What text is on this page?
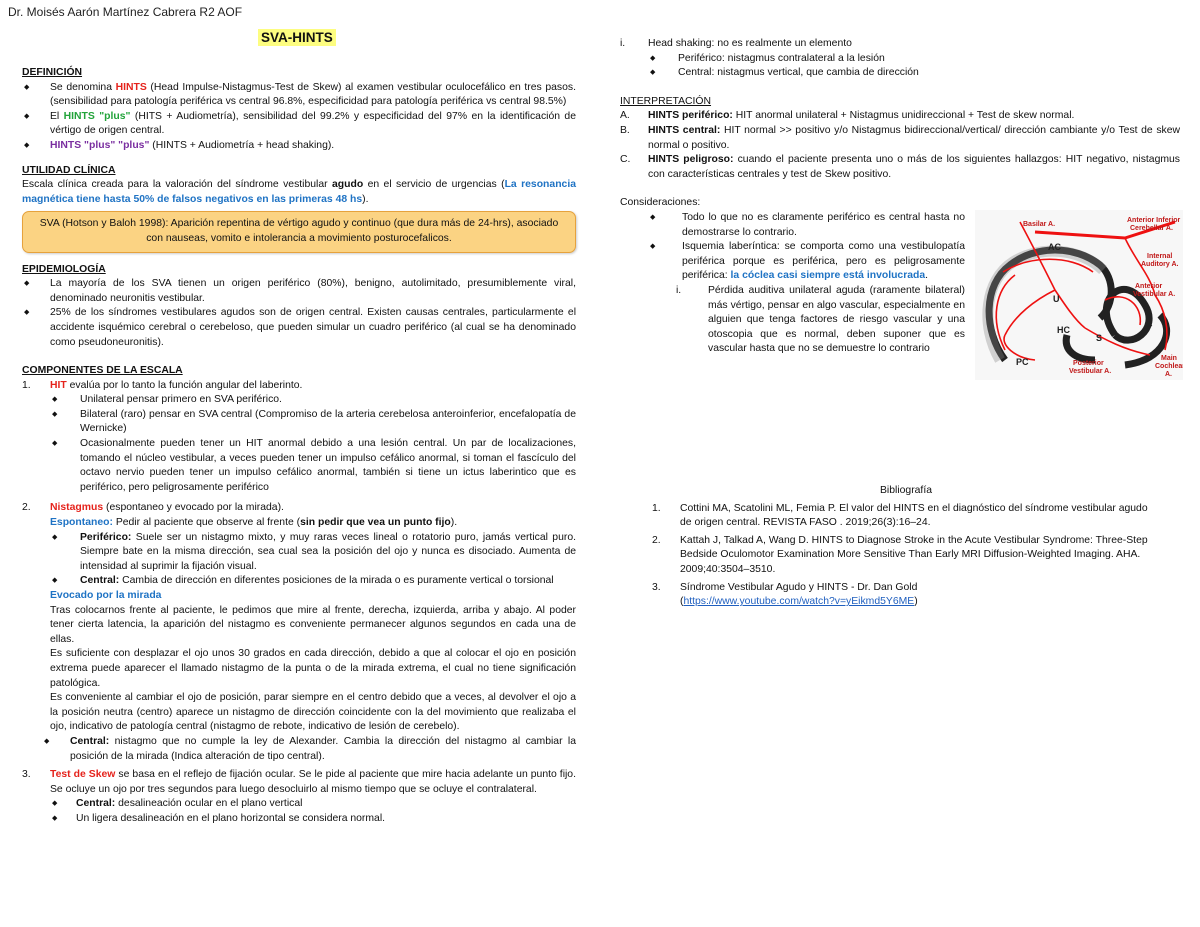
Dr. Moisés Aarón Martínez Cabrera R2 AOF
SVA-HINTS

DEFINICIÓN

◆ Se denomina HINTS (Head Impulse-Nistagmus-Test de Skew) al examen vestibular oculocefálico en tres pasos. (sensibilidad para patología periférica vs central 96.8%, especificidad para patología periférica vs central 98.5%)
◆ El HINTS "plus" (HITS + Audiometría), sensibilidad del 99.2% y especificidad del 97% en la identificación de vértigo de origen central.
◆ HINTS "plus" "plus" (HINTS + Audiometría + head shaking).

UTILIDAD CLÍNICA

Escala clínica creada para la valoración del síndrome vestibular agudo en el servicio de urgencias (La resonancia magnética tiene hasta 50% de falsos negativos en las primeras 48 hs).

SVA (Hotson y Baloh 1998): Aparición repentina de vértigo agudo y continuo (que dura más de 24-hrs), asociado con nauseas, vomito e intolerancia a movimiento posturocefalicos.

EPIDEMIOLOGÍA

◆ La mayoría de los SVA tienen un origen periférico (80%), benigno, autolimitado, presumiblemente viral, denominado neuronitis vestibular.
◆ 25% de los síndromes vestibulares agudos son de origen central. Existen causas centrales, particularmente el accidente isquémico cerebral o cerebeloso, que pueden simular un cuadro periférico (al cual se ha denominado como pseudoneuronitis).

COMPONENTES DE LA ESCALA

1. HIT evalúa por lo tanto la función angular del laberinto.
◆ Unilateral pensar primero en SVA periférico.
◆ Bilateral (raro) pensar en SVA central (Compromiso de la arteria cerebelosa anteroinferior, encefalopatía de Wernicke)
◆ Ocasionalmente pueden tener un HIT anormal debido a una lesión central. Un par de localizaciones, tomando el núcleo vestibular, a veces pueden tener un impulso cefálico anormal, si toman el fascículo del octavo nervio pueden tener un impulso cefálico anormal, también si tiene un ictus laberintico que es periférico, pero peligrosamente periférico
2. Nistagmus (espontaneo y evocado por la mirada).

Espontaneo: Pedir al paciente que observe al frente (sin pedir que vea un punto fijo).

◆ Periférico: Suele ser un nistagmo mixto, y muy raras veces lineal o rotatorio puro, jamás vertical puro. Siempre bate en la misma dirección, sea cual sea la posición del ojo y nunca es disociado. Aumenta de intensidad al suprimir la fijación visual.
◆ Central: Cambia de dirección en diferentes posiciones de la mirada o es puramente vertical o torsional

Evocado por la mirada

Tras colocarnos frente al paciente, le pedimos que mire al frente, derecha, izquierda, arriba y abajo. Al poder tener cierta latencia, la aparición del nistagmo es conveniente permanecer algunos segundos en cada una de ellas.

Es suficiente con desplazar el ojo unos 30 grados en cada dirección, debido a que al colocar el ojo en posición extrema puede aparecer el llamado nistagmo de la punta o de la mirada extrema, el cual no tiene significación patológica.

Es conveniente al cambiar el ojo de posición, parar siempre en el centro debido que a veces, al devolver el ojo a la posición neutra (centro) aparece un nistagmo de dirección coincidente con la del movimiento que realizaba el ojo, indicativo de patología central (nistagmo de rebote, indicativo de lesión de cerebelo).

◆ Central: nistagmo que no cumple la ley de Alexander. Cambia la dirección del nistagmo al cambiar la posición de la mirada (Indica alteración de tipo central).
3. Test de Skew se basa en el reflejo de fijación ocular. Se le pide al paciente que mire hacia adelante un punto fijo. Se ocluye un ojo por tres segundos para luego desocluirlo al mismo tiempo que se ocluye el contralateral.
◆ Central: desalineación ocular en el plano vertical
◆ Un ligera desalineación en el plano horizontal se considera normal.
i. Head shaking: no es realmente un elemento
◆ Periférico: nistagmus contralateral a la lesión
◆ Central: nistagmus vertical, que cambia de dirección

INTERPRETACIÓN

A. HINTS periférico: HIT anormal unilateral + Nistagmus unidireccional + Test de skew normal.
B. HINTS central: HIT normal >> positivo y/o Nistagmus bidireccional/vertical/ dirección cambiante y/o Test de skew normal o positivo.
C. HINTS peligroso: cuando el paciente presenta uno o más de los siguientes hallazgos: HIT negativo, nistagmus con características centrales y test de Skew positivo.

Consideraciones:

◆ Todo lo que no es claramente periférico es central hasta no demostrarse lo contrario.
◆ Isquemia laberíntica: se comporta como una vestibulopatía periférica porque es periférica, pero es peligrosamente periférica: la cóclea casi siempre está involucrada.
i.	Pérdida auditiva unilateral aguda (raramente bilateral) más vértigo, pensar en algo vascular, especialmente en alguien que tenga factores de riesgo vascular y una otoscopia que es normal, deben suponer que es vascular hasta que no se demuestre lo contrario
Basilar A.
Anterior Inferior
Cerebellar A.
Internal
Auditory A.
Anterior
Vestibular A.
Posterior
Vestibular A.
Main
Cochlear
A.
AC
U
HC
S
C
PC

Bibliografía

1. Cottini MA, Scatolini ML, Femia P. El valor del HINTS en el diagnóstico del síndrome vestibular agudo de origen central. REVISTA FASO . 2019;26(3):16–24.
2. Kattah J, Talkad A, Wang D. HINTS to Diagnose Stroke in the Acute Vestibular Syndrome: Three-Step Bedside Oculomotor Examination More Sensitive Than Early MRI Diffusion-Weighted Imaging. AHA. 2009;40:3504–3510.
3. Síndrome Vestibular Agudo y HINTS - Dr. Dan Gold
(https://www.youtube.com/watch?v=yEikmd5Y6ME)
